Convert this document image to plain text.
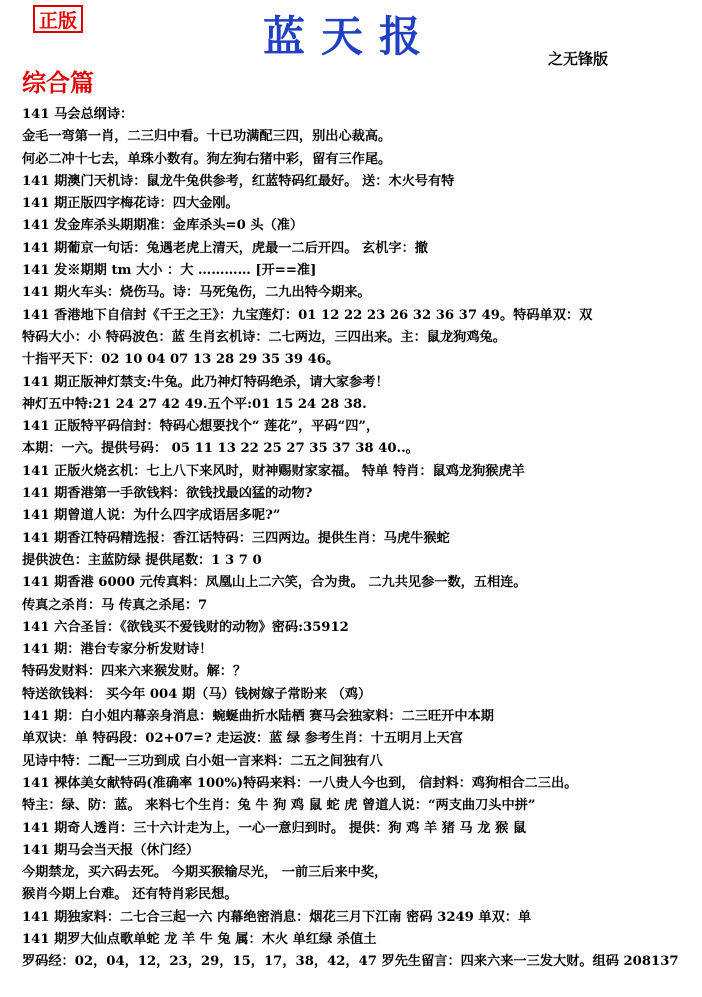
正版	蓝天报	之无锋版
综合篇
141 马会总纲诗：
金毛一弯第一肖，二三归中看。十已功满配三四，别出心裁高。
何必二冲十七去，单珠小数有。狗左狗右猪中彩，留有三作尾。
141 期澳门天机诗：鼠龙牛兔供参考，红蓝特码红最好。 送：木火号有特
141 期正版四字梅花诗：四大金刚。
141 发金库杀头期期准：金库杀头=0 头（准）
141 期葡京一句话：兔遇老虎上清天，虎最一二后开四。 玄机字：撤
141 发※期期 tm 大小 ：大 ………… [开==准]
141 期火车头：烧伤马。诗：马死兔伤，二九出特今期来。
141 香港地下自信封《千王之王》：九宝莲灯：01 12 22 23 26 32 36 37 49。特码单双：双
特码大小：小 特码波色：蓝 生肖玄机诗：二七两边，三四出来。主：鼠龙狗鸡兔。
十指平天下：02 10 04 07 13 28 29 35 39 46。
141 期正版神灯禁支:牛兔。此乃神灯特码绝杀，请大家参考！
神灯五中特:21 24 27 42 49.五个平:01 15 24 28 38.
141 正版特平码信封：特码心想要找个“ 莲花”，平码“四”，
本期：一六。提供号码： 05 11 13 22 25 27 35 37 38 40..。
141 正版火烧玄机：七上八下来风时，财神赐财家家福。 特单 特肖：鼠鸡龙狗猴虎羊
141 期香港第一手欲钱料：欲钱找最凶猛的动物?
141 期曾道人说：为什么四字成语居多呢?”
141 期香江特码精选报：香江话特码：三四两边。提供生肖：马虎牛猴蛇
提供波色：主蓝防绿 提供尾数：1 3 7 0
141 期香港 6000 元传真料：凤凰山上二六笑，合为贵。 二九共见参一数，五相连。
传真之杀肖：马 传真之杀尾：7
141 六合圣旨：《欲钱买不爱钱财的动物》密码:35912
141 期：港台专家分析发财诗！
特码发财料：四来六来猴发财。解：？
特送欲钱料： 买今年 004 期（马）钱树嫁子常盼来 （鸡）
141 期：白小姐内幕亲身消息：蜿蜒曲折水陆栖 赛马会独家料：二三旺开中本期
单双诀：单 特码段：02+07=? 走运波：蓝 绿 参考生肖：十五明月上天宫
见诗中特：二配一三功到成 白小姐一言来料：二五之间独有八
141 裸体美女献特码(准确率 100%)特码来料：一八贵人今也到， 信封料：鸡狗相合二三出。
特主：绿、防：蓝。 来料七个生肖：兔 牛 狗 鸡 鼠 蛇 虎 曾道人说：“两支曲刀头中拼”
141 期奇人透肖：三十六计走为上，一心一意归到时。 提供：狗 鸡 羊 猪 马 龙 猴 鼠
141 期马会当天报（休门经）
今期禁龙，买六码去死。 今期买猴输尽光， 一前三后来中奖，
猴肖今期上台难。 还有特肖彩民想。
141 期独家料：二七合三起一六 内幕绝密消息：烟花三月下江南 密码 3249 单双：单
141 期罗大仙点歌单蛇 龙 羊 牛 兔 属：木火 单红绿 杀值土
罗码经：02，04，12，23，29，15，17，38，42，47 罗先生留言：四来六来一三发大财。组码 208137
